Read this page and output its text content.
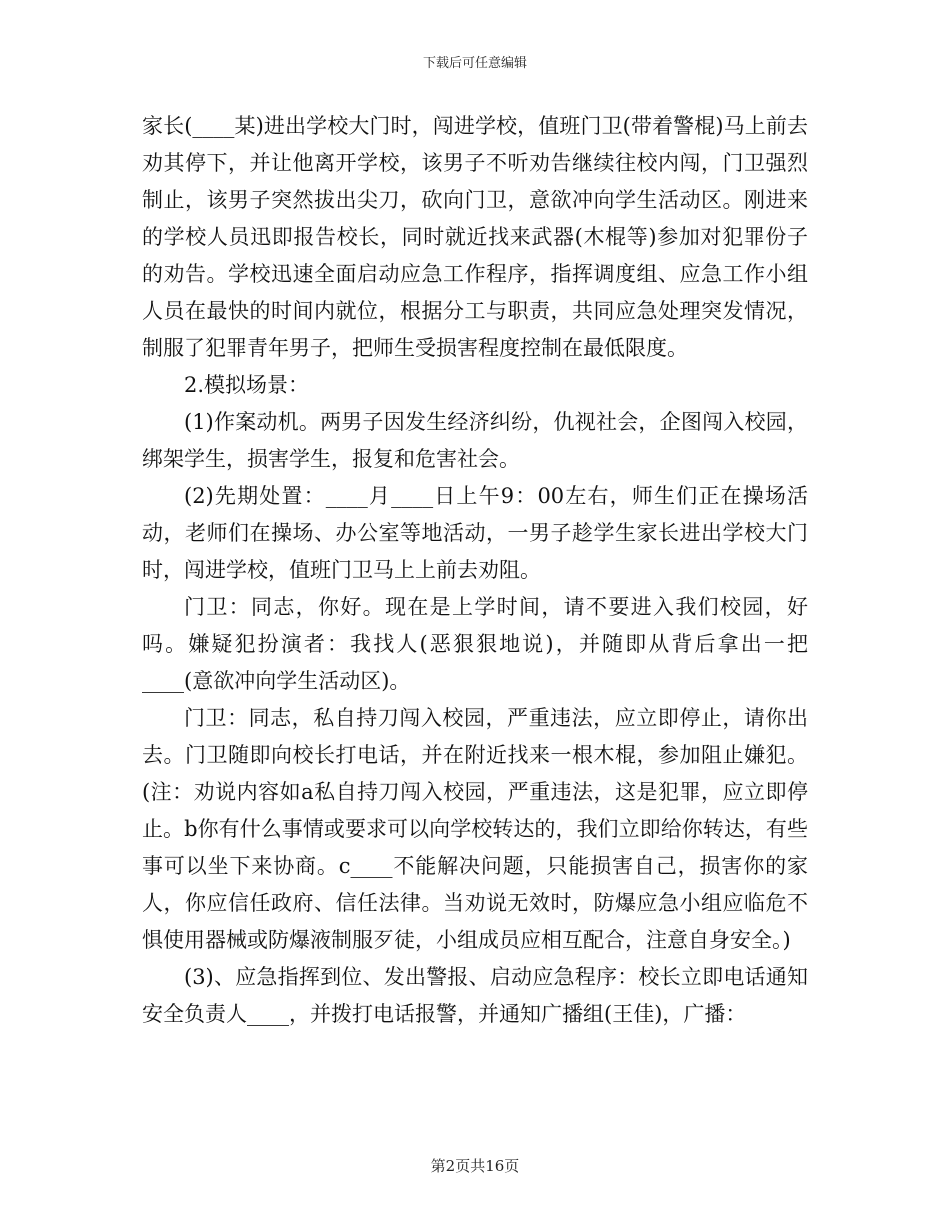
下载后可任意编辑

家长(____某)进出学校大门时，闯进学校，值班门卫(带着警棍)马上前去劝其停下，并让他离开学校，该男子不听劝告继续往校内闯，门卫强烈制止，该男子突然拔出尖刀，砍向门卫，意欲冲向学生活动区。刚进来的学校人员迅即报告校长，同时就近找来武器(木棍等)参加对犯罪份子的劝告。学校迅速全面启动应急工作程序，指挥调度组、应急工作小组人员在最快的时间内就位，根据分工与职责，共同应急处理突发情况，制服了犯罪青年男子，把师生受损害程度控制在最低限度。

2.模拟场景：

(1)作案动机。两男子因发生经济纠纷，仇视社会，企图闯入校园，绑架学生，损害学生，报复和危害社会。

(2)先期处置：____月____日上午9：00左右，师生们正在操场活动，老师们在操场、办公室等地活动，一男子趁学生家长进出学校大门时，闯进学校，值班门卫马上上前去劝阻。

门卫：同志，你好。现在是上学时间，请不要进入我们校园，好吗。嫌疑犯扮演者：我找人(恶狠狠地说)，并随即从背后拿出一把____(意欲冲向学生活动区)。

门卫：同志，私自持刀闯入校园，严重违法，应立即停止，请你出去。门卫随即向校长打电话，并在附近找来一根木棍，参加阻止嫌犯。(注：劝说内容如a私自持刀闯入校园，严重违法，这是犯罪，应立即停止。b你有什么事情或要求可以向学校转达的，我们立即给你转达，有些事可以坐下来协商。c____不能解决问题，只能损害自己，损害你的家人，你应信任政府、信任法律。当劝说无效时，防爆应急小组应临危不惧使用器械或防爆液制服歹徒，小组成员应相互配合，注意自身安全。)

(3)、应急指挥到位、发出警报、启动应急程序：校长立即电话通知安全负责人____，并拨打电话报警，并通知广播组(王佳)，广播：

第2页共16页
